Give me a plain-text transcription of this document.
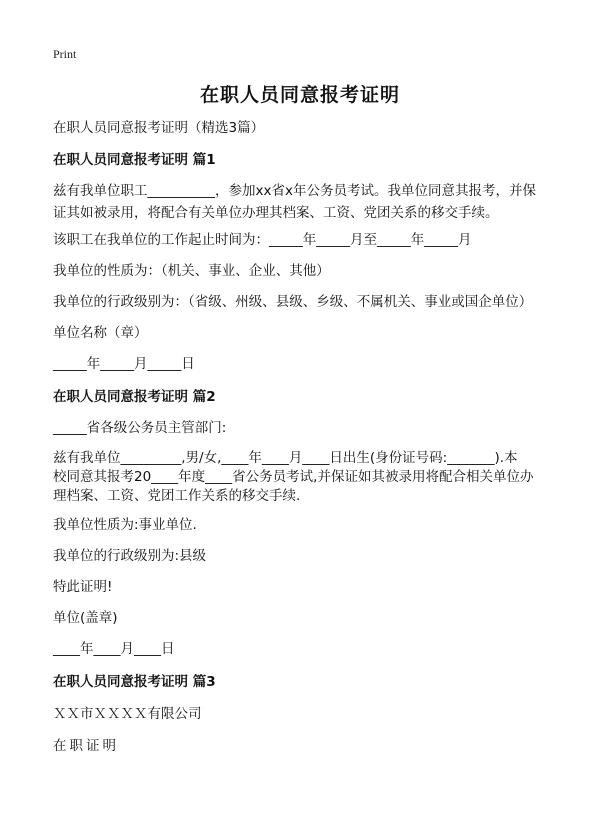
Print
在职人员同意报考证明
在职人员同意报考证明（精选3篇）
在职人员同意报考证明 篇1
兹有我单位职工__________，参加xx省x年公务员考试。我单位同意其报考，并保
证其如被录用，将配合有关单位办理其档案、工资、党团关系的移交手续。
该职工在我单位的工作起止时间为：_____年_____月至_____年_____月
我单位的性质为：（机关、事业、企业、其他）
我单位的行政级别为：（省级、州级、县级、乡级、不属机关、事业或国企单位）
单位名称（章）
_____年_____月_____日
在职人员同意报考证明 篇2
_____省各级公务员主管部门:
兹有我单位_________,男/女,____年____月____日出生(身份证号码:_______).本
校同意其报考20____年度____省公务员考试,并保证如其被录用将配合相关单位办
理档案、工资、党团工作关系的移交手续.
我单位性质为:事业单位.
我单位的行政级别为:县级
特此证明!
单位(盖章)
____年____月____日
在职人员同意报考证明 篇3
ＸＸ市ＸＸＸＸ有限公司
在职证明
